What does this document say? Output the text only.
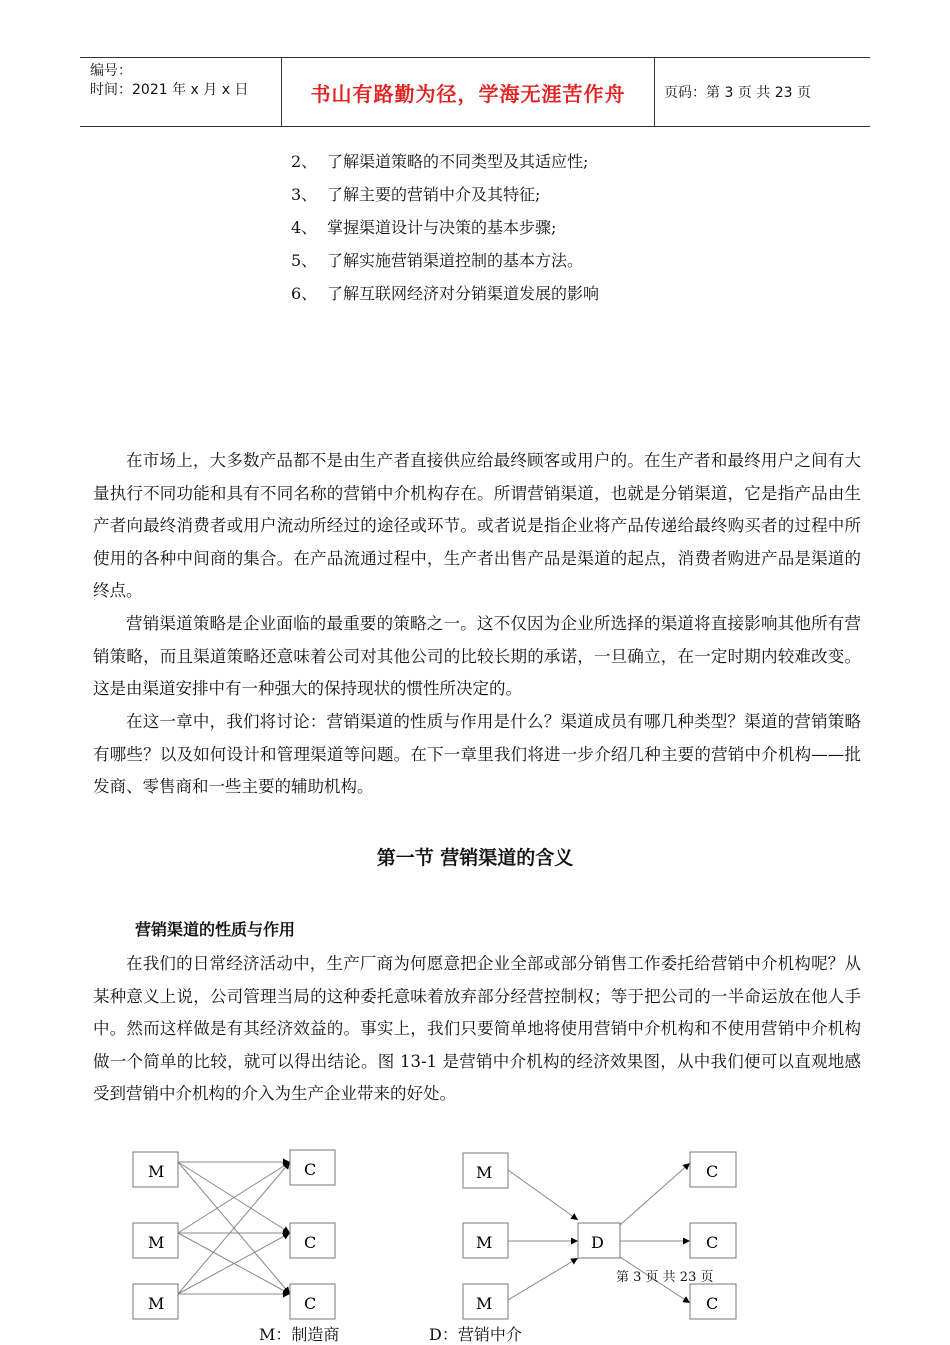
编号：
时间：2021 年 x 月 x 日	书山有路勤为径，学海无涯苦作舟	页码：第 3 页 共 23 页
2、 了解渠道策略的不同类型及其适应性;
3、 了解主要的营销中介及其特征;
4、 掌握渠道设计与决策的基本步骤;
5、 了解实施营销渠道控制的基本方法。
6、 了解互联网经济对分销渠道发展的影响

在市场上，大多数产品都不是由生产者直接供应给最终顾客或用户的。在生产者和最终用户之间有大量执行不同功能和具有不同名称的营销中介机构存在。所谓营销渠道，也就是分销渠道，它是指产品由生产者向最终消费者或用户流动所经过的途径或环节。或者说是指企业将产品传递给最终购买者的过程中所使用的各种中间商的集合。在产品流通过程中，生产者出售产品是渠道的起点，消费者购进产品是渠道的终点。

营销渠道策略是企业面临的最重要的策略之一。这不仅因为企业所选择的渠道将直接影响其他所有营销策略，而且渠道策略还意味着公司对其他公司的比较长期的承诺，一旦确立，在一定时期内较难改变。这是由渠道安排中有一种强大的保持现状的惯性所决定的。

在这一章中，我们将讨论：营销渠道的性质与作用是什么？渠道成员有哪几种类型？渠道的营销策略有哪些？以及如何设计和管理渠道等问题。在下一章里我们将进一步介绍几种主要的营销中介机构——批发商、零售商和一些主要的辅助机构。

第一节 营销渠道的含义
营销渠道的性质与作用

在我们的日常经济活动中，生产厂商为何愿意把企业全部或部分销售工作委托给营销中介机构呢？从某种意义上说，公司管理当局的这种委托意味着放弃部分经营控制权；等于把公司的一半命运放在他人手中。然而这样做是有其经济效益的。事实上，我们只要简单地将使用营销中介机构和不使用营销中介机构做一个简单的比较，就可以得出结论。图 13-1 是营销中介机构的经济效果图，从中我们便可以直观地感受到营销中介机构的介入为生产企业带来的好处。

M
M
M
C
C
C
M
M
M
D
C
C
C
第 3 页 共 23 页
M：制造商	D：营销中介
